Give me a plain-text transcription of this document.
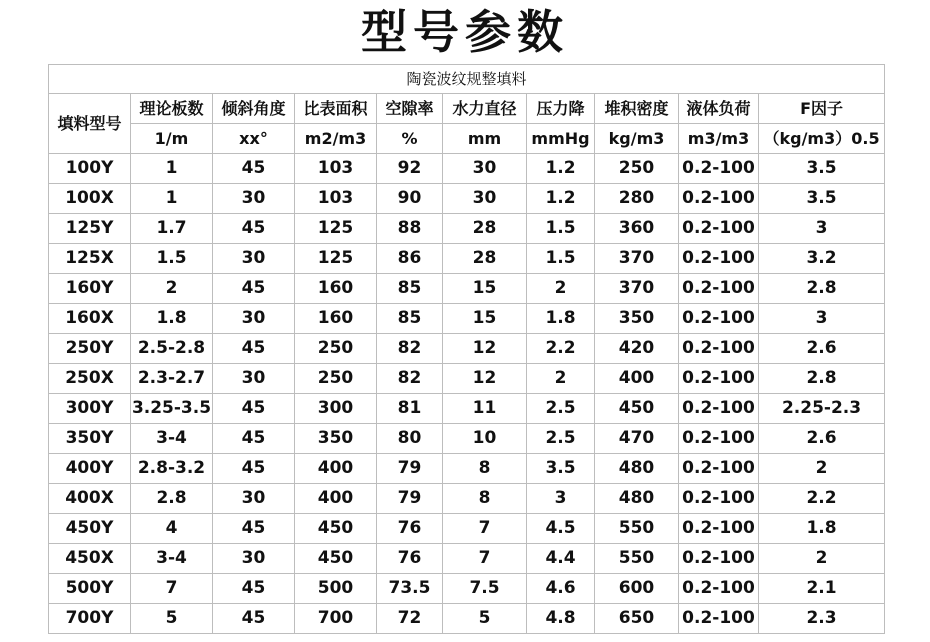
型号参数
陶瓷波纹规整填料									
填料型号	理论板数	倾斜角度	比表面积	空隙率	水力直径	压力降	堆积密度	液体负荷	F因子
	1/m	xx°	m2/m3	%	mm	mmHg	kg/m3	m3/m3	（kg/m3）0.5
100Y	1	45	103	92	30	1.2	250	0.2-100	3.5
100X	1	30	103	90	30	1.2	280	0.2-100	3.5
125Y	1.7	45	125	88	28	1.5	360	0.2-100	3
125X	1.5	30	125	86	28	1.5	370	0.2-100	3.2
160Y	2	45	160	85	15	2	370	0.2-100	2.8
160X	1.8	30	160	85	15	1.8	350	0.2-100	3
250Y	2.5-2.8	45	250	82	12	2.2	420	0.2-100	2.6
250X	2.3-2.7	30	250	82	12	2	400	0.2-100	2.8
300Y	3.25-3.5	45	300	81	11	2.5	450	0.2-100	2.25-2.3
350Y	3-4	45	350	80	10	2.5	470	0.2-100	2.6
400Y	2.8-3.2	45	400	79	8	3.5	480	0.2-100	2
400X	2.8	30	400	79	8	3	480	0.2-100	2.2
450Y	4	45	450	76	7	4.5	550	0.2-100	1.8
450X	3-4	30	450	76	7	4.4	550	0.2-100	2
500Y	7	45	500	73.5	7.5	4.6	600	0.2-100	2.1
700Y	5	45	700	72	5	4.8	650	0.2-100	2.3
